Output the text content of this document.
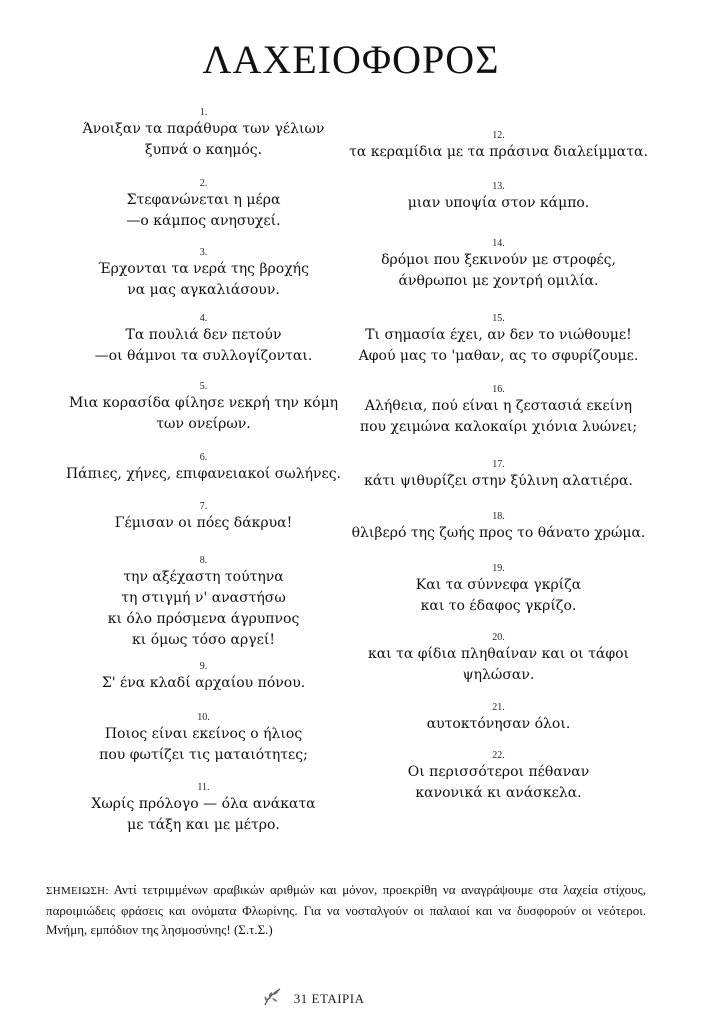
ΛΑΧΕΙΟΦΟΡΟΣ
1.
Άνοιξαν τα παράθυρα των γέλιων
ξυπνά ο καημός.
2.
Στεφανώνεται η μέρα
—ο κάμπος ανησυχεί.
3.
Έρχονται τα νερά της βροχής
να μας αγκαλιάσουν.
4.
Τα πουλιά δεν πετούν
—οι θάμνοι τα συλλογίζονται.
5.
Μια κορασίδα φίλησε νεκρή την κόμη
των ονείρων.
6.
Πάπιες, χήνες, επιφανειακοί σωλήνες.
7.
Γέμισαν οι πόες δάκρυα!
8.
την αξέχαστη τούτηνα
τη στιγμή ν' αναστήσω
κι όλο πρόσμενα άγρυπνος
κι όμως τόσο αργεί!
9.
Σ' ένα κλαδί αρχαίου πόνου.
10.
Ποιος είναι εκείνος ο ήλιος
που φωτίζει τις ματαιότητες;
11.
Χωρίς πρόλογο — όλα ανάκατα
με τάξη και με μέτρο.
12.
τα κεραμίδια με τα πράσινα διαλείμματα.
13.
μιαν υποψία στον κάμπο.
14.
δρόμοι που ξεκινούν με στροφές,
άνθρωποι με χοντρή ομιλία.
15.
Τι σημασία έχει, αν δεν το νιώθουμε!
Αφού μας το 'μαθαν, ας το σφυρίζουμε.
16.
Αλήθεια, πού είναι η ζεστασιά εκείνη
που χειμώνα καλοκαίρι χιόνια λυώνει;
17.
κάτι ψιθυρίζει στην ξύλινη αλατιέρα.
18.
θλιβερό της ζωής προς το θάνατο χρώμα.
19.
Και τα σύννεφα γκρίζα
και το έδαφος γκρίζο.
20.
και τα φίδια πληθαίναν και οι τάφοι
ψηλώσαν.
21.
αυτοκτόνησαν όλοι.
22.
Οι περισσότεροι πέθαναν
κανονικά κι ανάσκελα.
ΣΗΜΕΙΩΣΗ: Αντί τετριμμένων αραβικών αριθμών και μόνον, προεκρίθη να αναγράψουμε στα λαχεία στίχους, παροιμιώδεις φράσεις και ονόματα Φλωρίνης. Για να νοσταλγούν οι παλαιοί και να δυσφορούν οι νεότεροι. Μνήμη, εμπόδιον της λησμοσύνης! (Σ.τ.Σ.)
31 ΕΤΑΙΡΙΑ
